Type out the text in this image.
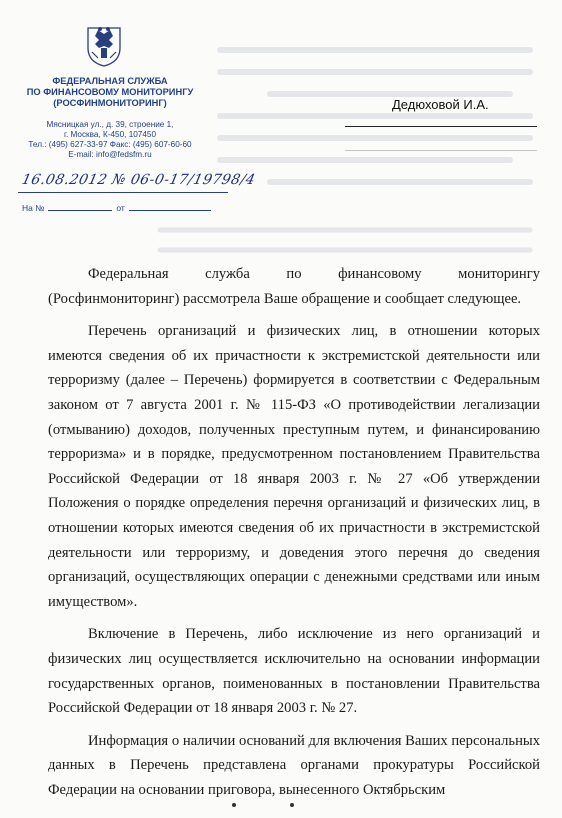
ФЕДЕРАЛЬНАЯ СЛУЖБА
ПО ФИНАНСОВОМУ МОНИТОРИНГУ
(РОСФИНМОНИТОРИНГ)
Мясницкая ул., д. 39, строение 1,
г. Москва, К-450, 107450
Тел.: (495) 627-33-97 Факс: (495) 607-60-60
E-mail: info@fedsfm.ru
Дедюховой И.А.
16.08.2012 № 06-0-17/19798/4
На №	от

Федеральная служба по финансовому мониторингу (Росфинмониторинг) рассмотрела Ваше обращение и сообщает следующее.

Перечень организаций и физических лиц, в отношении которых имеются сведения об их причастности к экстремистской деятельности или терроризму (далее – Перечень) формируется в соответствии с Федеральным законом от 7 августа 2001 г. № 115-ФЗ «О противодействии легализации (отмыванию) доходов, полученных преступным путем, и финансированию терроризма» и в порядке, предусмотренном постановлением Правительства Российской Федерации от 18 января 2003 г. № 27 «Об утверждении Положения о порядке определения перечня организаций и физических лиц, в отношении которых имеются сведения об их причастности в экстремистской деятельности или терроризму, и доведения этого перечня до сведения организаций, осуществляющих операции с денежными средствами или иным имуществом».

Включение в Перечень, либо исключение из него организаций и физических лиц осуществляется исключительно на основании информации государственных органов, поименованных в постановлении Правительства Российской Федерации от 18 января 2003 г. № 27.

Информация о наличии оснований для включения Ваших персональных данных в Перечень представлена органами прокуратуры Российской Федерации на основании приговора, вынесенного Октябрьским
